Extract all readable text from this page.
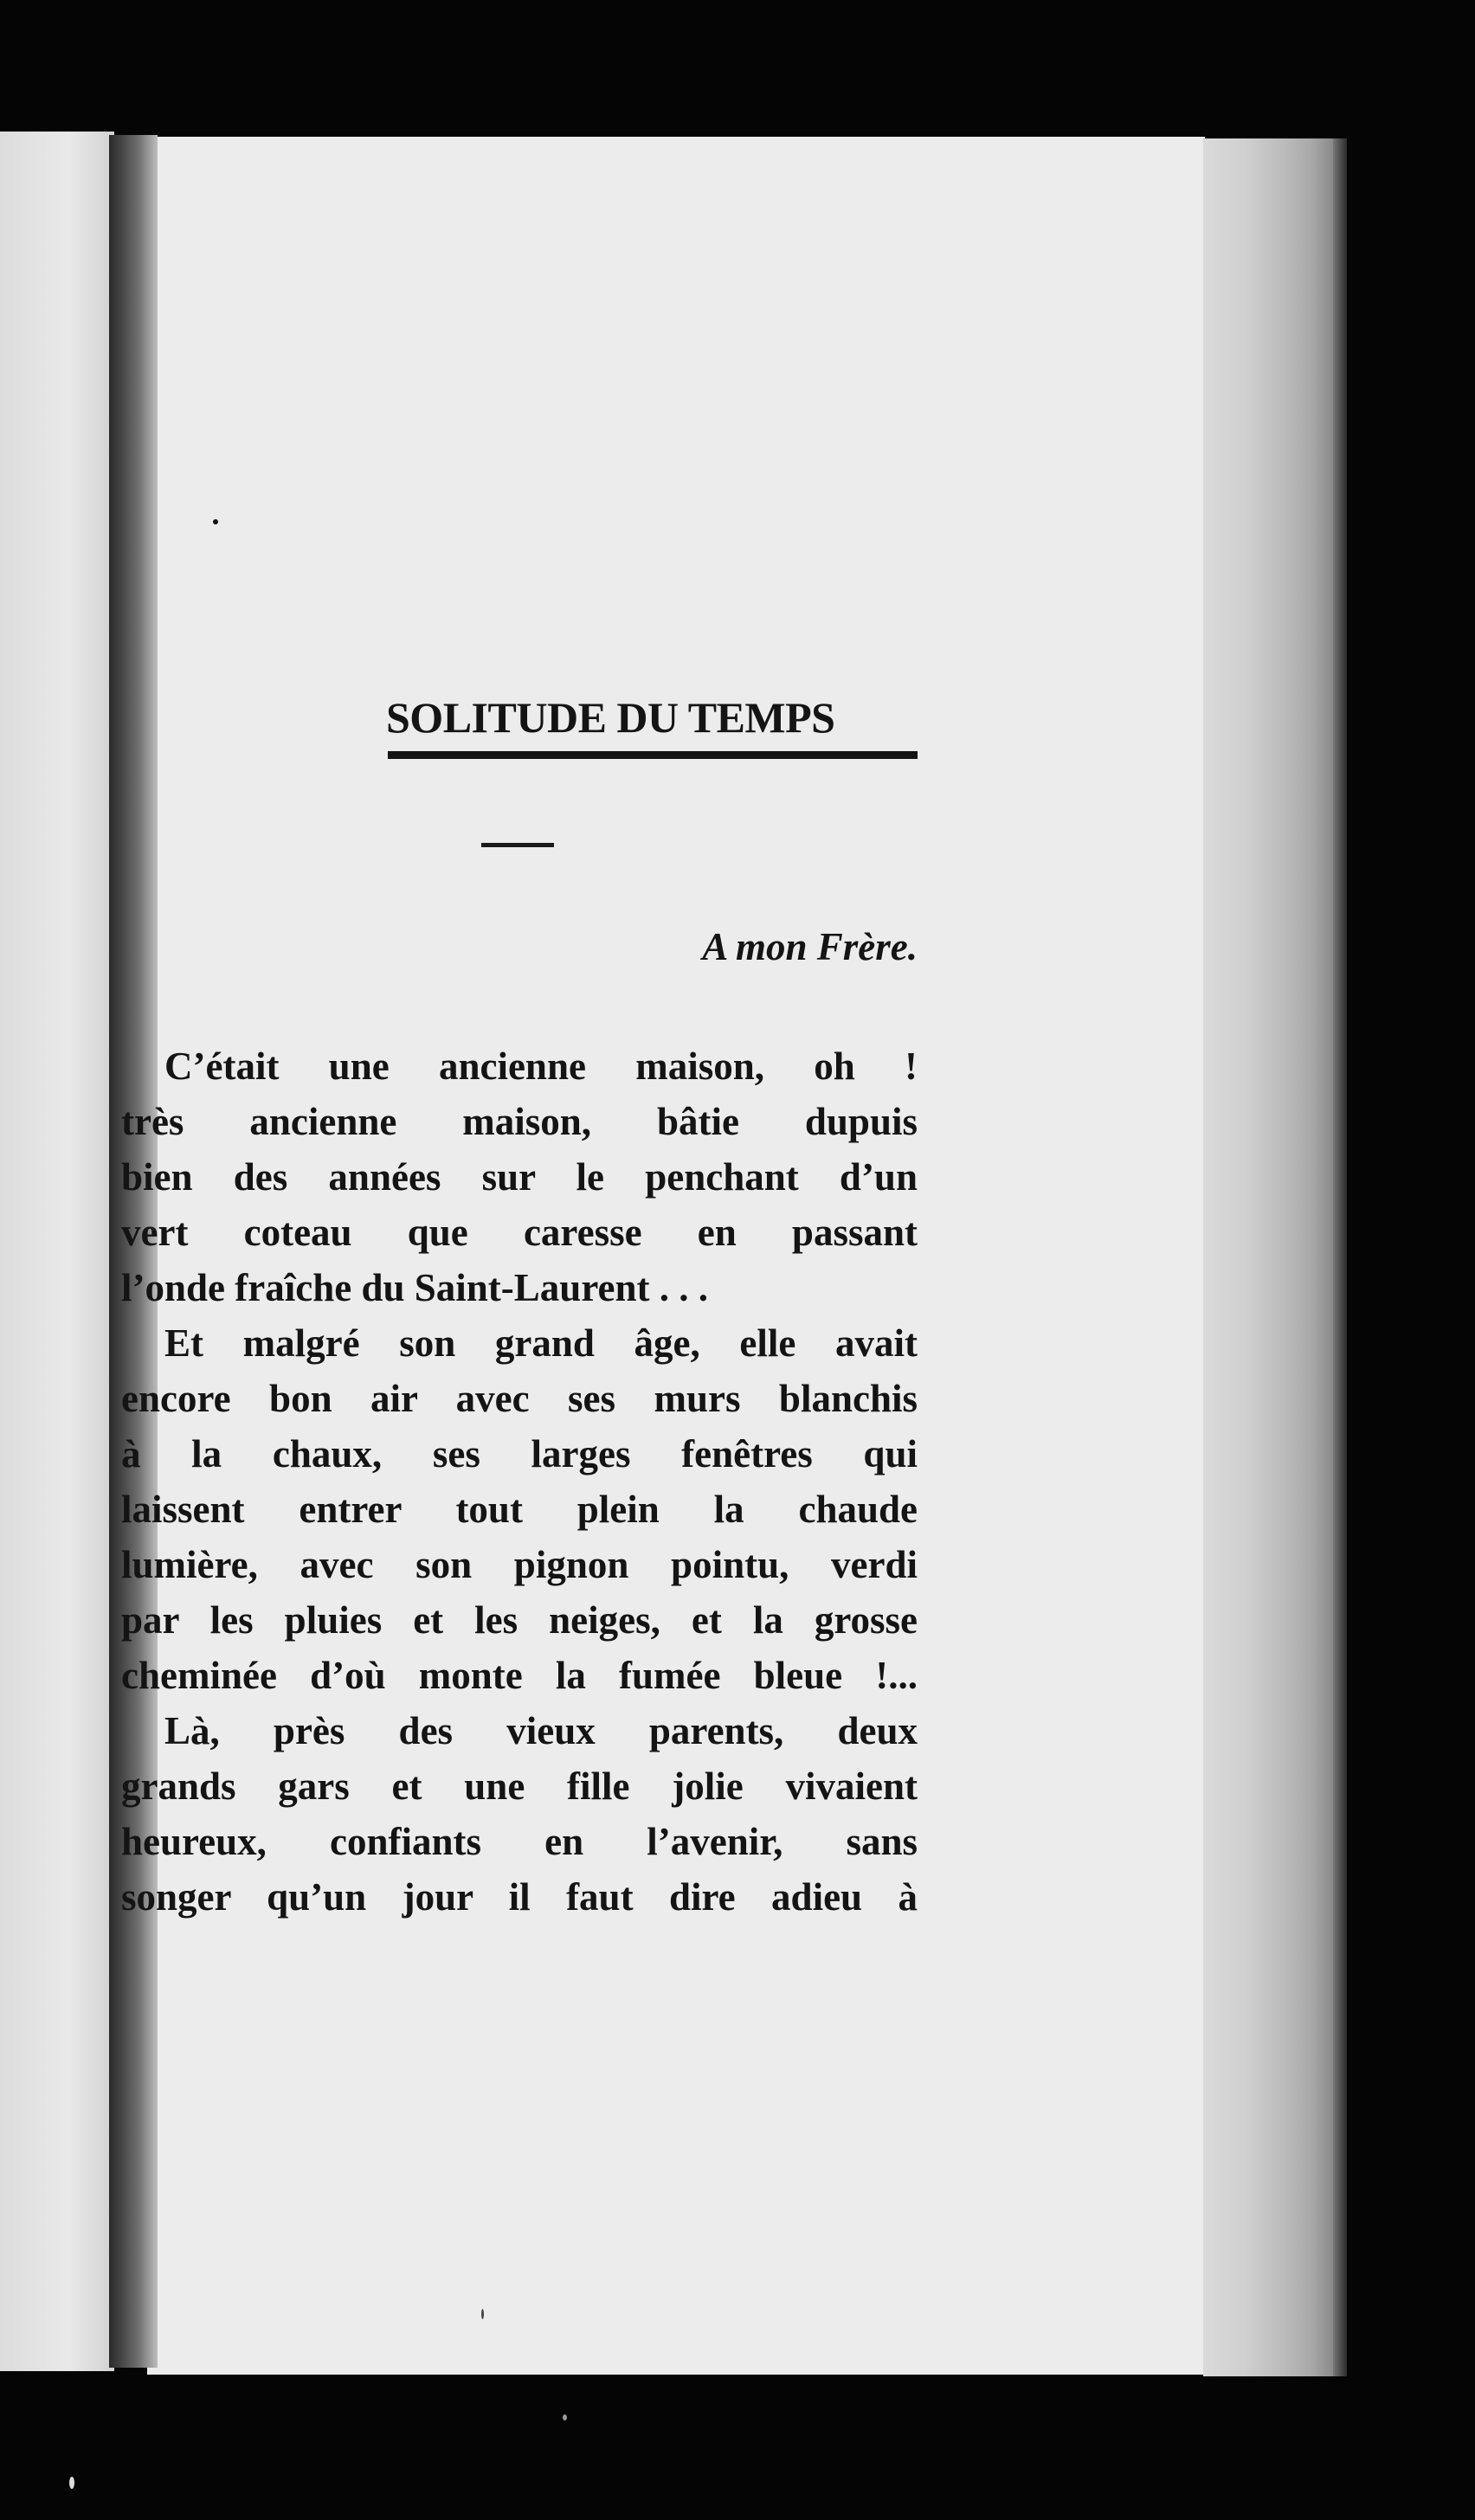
SOLITUDE DU TEMPS
A mon Frère.
C’était une ancienne maison, oh !
très ancienne maison, bâtie dupuis
bien des années sur le penchant d’un
vert coteau que caresse en passant
l’onde fraîche du Saint-Laurent . . .
Et malgré son grand âge, elle avait
encore bon air avec ses murs blanchis
à la chaux, ses larges fenêtres qui
laissent entrer tout plein la chaude
lumière, avec son pignon pointu, verdi
par les pluies et les neiges, et la grosse
cheminée d’où monte la fumée bleue !...
Là, près des vieux parents, deux
grands gars et une fille jolie vivaient
heureux, confiants en l’avenir, sans
songer qu’un jour il faut dire adieu à
